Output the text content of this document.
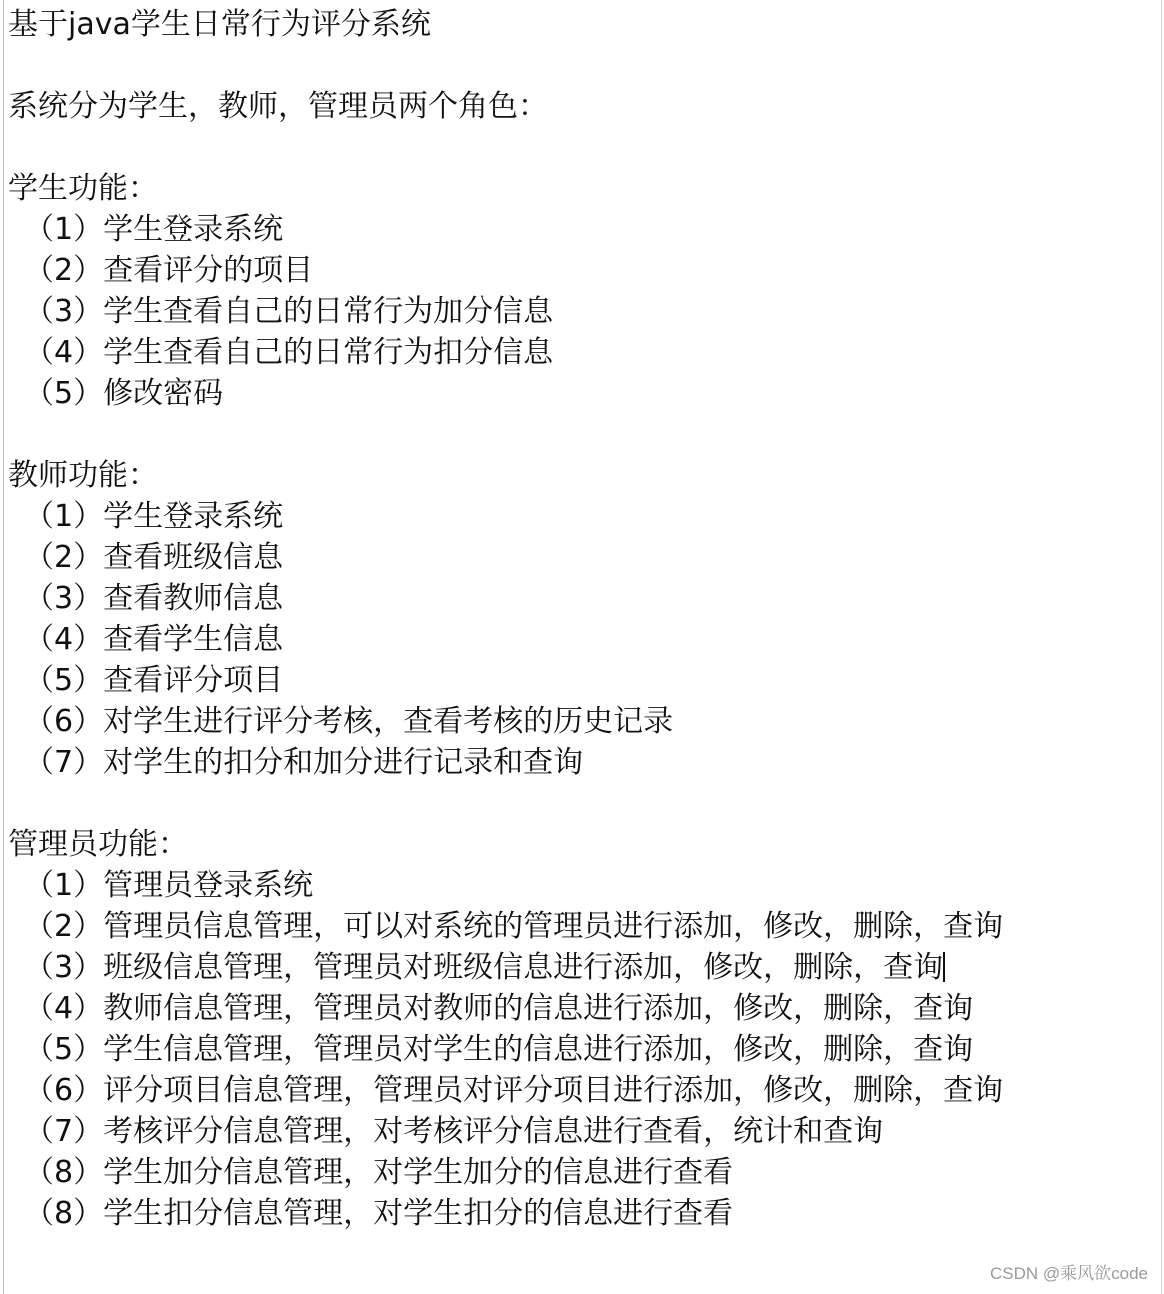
基于java学生日常行为评分系统
系统分为学生，教师，管理员两个角色：
学生功能：
（1）学生登录系统
（2）查看评分的项目
（3）学生查看自己的日常行为加分信息
（4）学生查看自己的日常行为扣分信息
（5）修改密码
教师功能：
（1）学生登录系统
（2）查看班级信息
（3）查看教师信息
（4）查看学生信息
（5）查看评分项目
（6）对学生进行评分考核，查看考核的历史记录
（7）对学生的扣分和加分进行记录和查询
管理员功能：
（1）管理员登录系统
（2）管理员信息管理，可以对系统的管理员进行添加，修改，删除，查询
（3）班级信息管理，管理员对班级信息进行添加，修改，删除，查询
（4）教师信息管理，管理员对教师的信息进行添加，修改，删除，查询
（5）学生信息管理，管理员对学生的信息进行添加，修改，删除，查询
（6）评分项目信息管理，管理员对评分项目进行添加，修改，删除，查询
（7）考核评分信息管理，对考核评分信息进行查看，统计和查询
（8）学生加分信息管理，对学生加分的信息进行查看
（8）学生扣分信息管理，对学生扣分的信息进行查看
CSDN @乘风欲code
